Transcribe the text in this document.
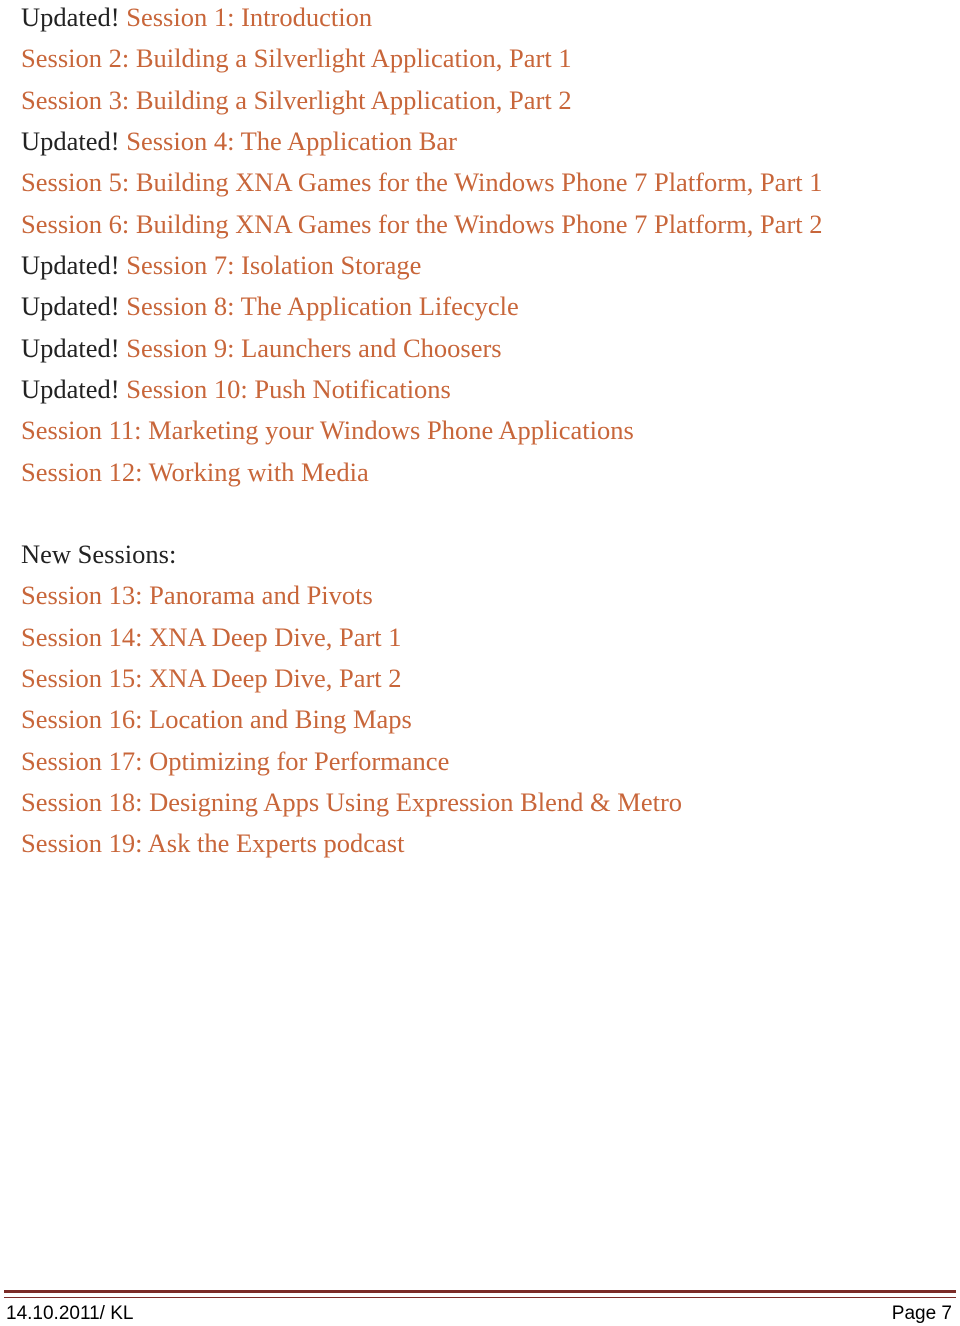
Updated! Session 1: Introduction
Session 2: Building a Silverlight Application, Part 1
Session 3: Building a Silverlight Application, Part 2
Updated! Session 4: The Application Bar
Session 5: Building XNA Games for the Windows Phone 7 Platform, Part 1
Session 6: Building XNA Games for the Windows Phone 7 Platform, Part 2
Updated! Session 7: Isolation Storage
Updated! Session 8: The Application Lifecycle
Updated! Session 9: Launchers and Choosers
Updated! Session 10: Push Notifications
Session 11: Marketing your Windows Phone Applications
Session 12: Working with Media
New Sessions:
Session 13: Panorama and Pivots
Session 14: XNA Deep Dive, Part 1
Session 15: XNA Deep Dive, Part 2
Session 16: Location and Bing Maps
Session 17: Optimizing for Performance
Session 18: Designing Apps Using Expression Blend & Metro
Session 19: Ask the Experts podcast
14.10.2011/ KL	Page 7
